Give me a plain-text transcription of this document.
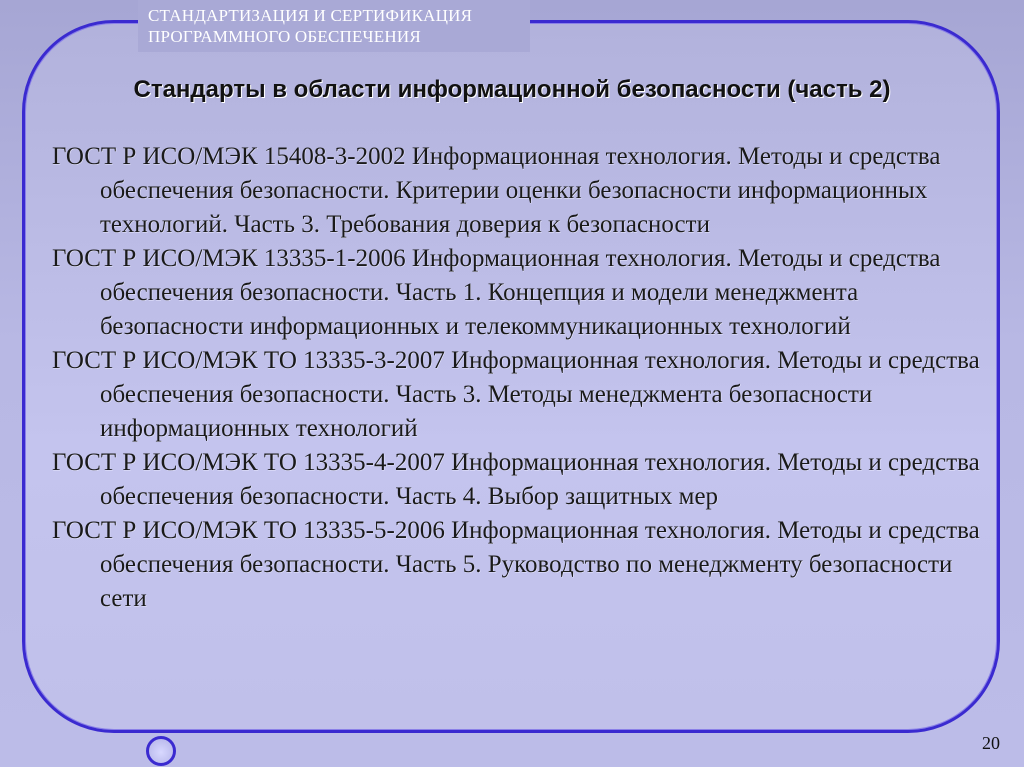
СТАНДАРТИЗАЦИЯ И СЕРТИФИКАЦИЯ
ПРОГРАММНОГО ОБЕСПЕЧЕНИЯ
Стандарты в области информационной безопасности (часть 2)

ГОСТ Р ИСО/МЭК 15408-3-2002 Информационная технология. Методы и средства обеспечения безопасности. Критерии оценки безопасности информационных технологий. Часть 3. Требования доверия к безопасности

ГОСТ Р ИСО/МЭК 13335-1-2006 Информационная технология. Методы и средства обеспечения безопасности. Часть 1. Концепция и модели менеджмента безопасности информационных и телекоммуникационных технологий

ГОСТ Р ИСО/МЭК ТО 13335-3-2007 Информационная технология. Методы и средства обеспечения безопасности. Часть 3. Методы менеджмента безопасности информационных технологий

ГОСТ Р ИСО/МЭК ТО 13335-4-2007 Информационная технология. Методы и средства обеспечения безопасности. Часть 4. Выбор защитных мер

ГОСТ Р ИСО/МЭК ТО 13335-5-2006 Информационная технология. Методы и средства обеспечения безопасности. Часть 5. Руководство по менеджменту безопасности сети

20
